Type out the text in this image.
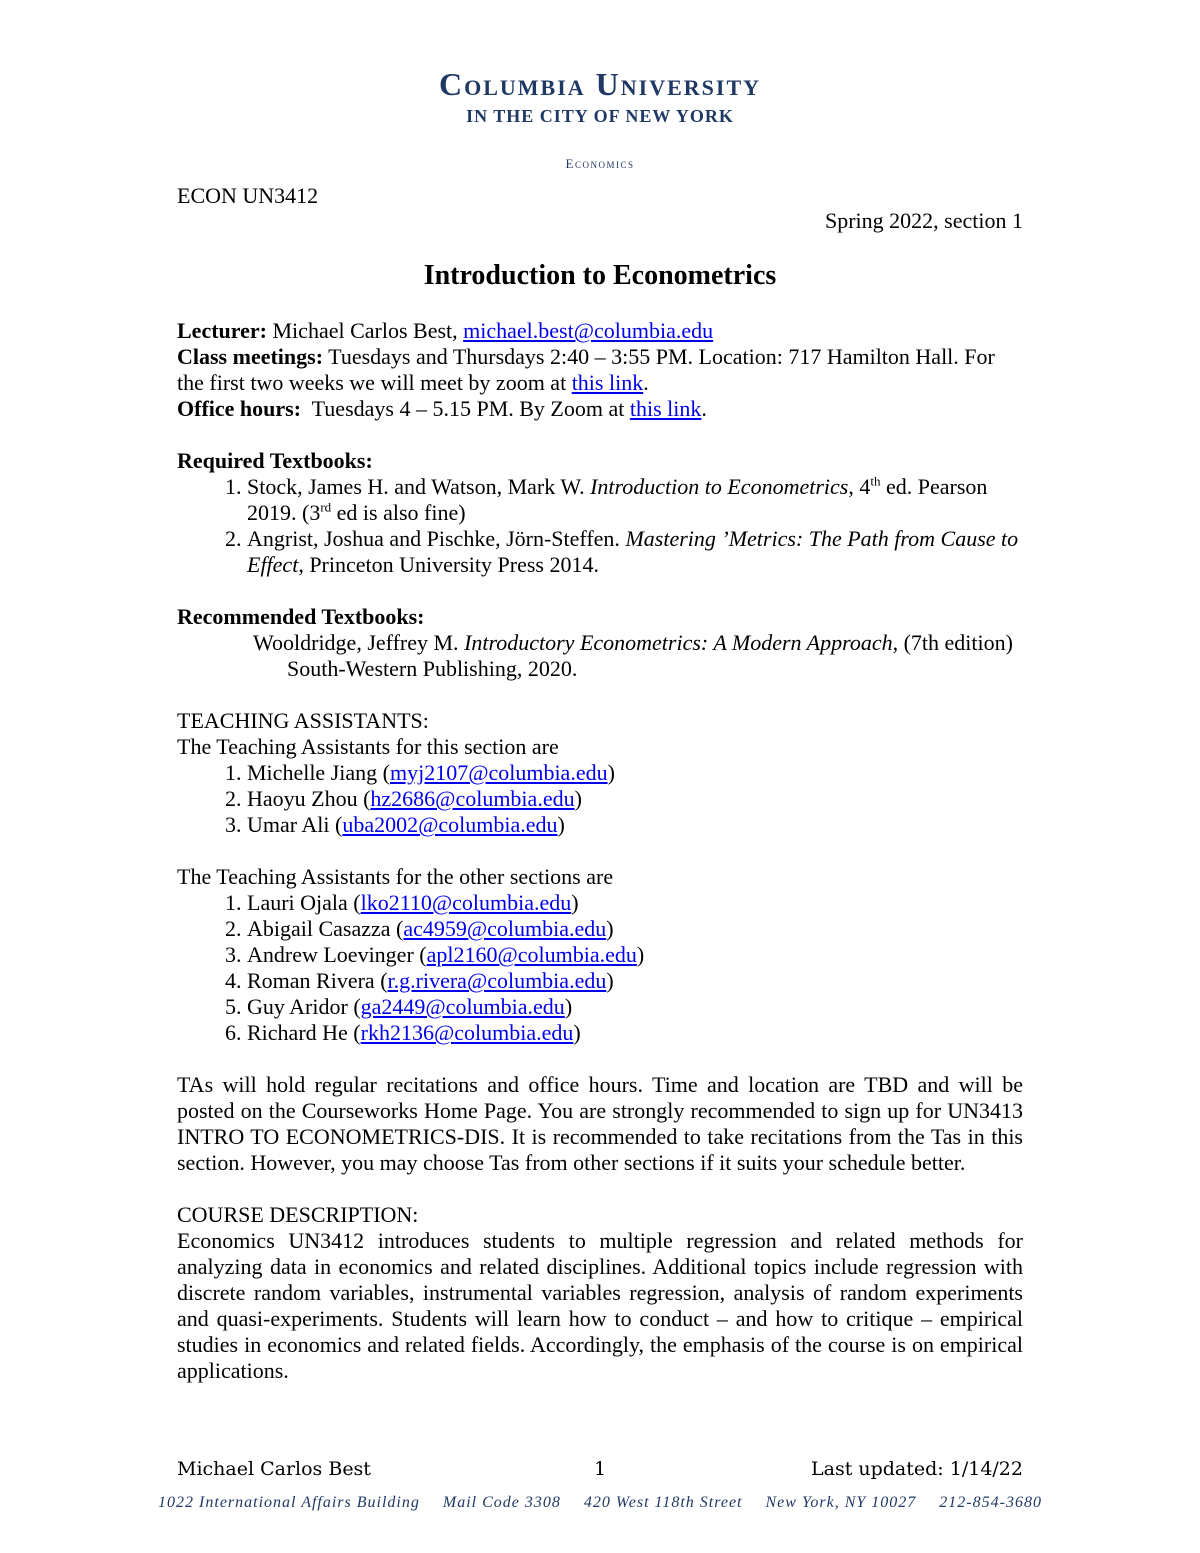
Columbia University
IN THE CITY OF NEW YORK
Economics
ECON UN3412
Spring 2022, section 1
Introduction to Econometrics

Lecturer: Michael Carlos Best, michael.best@columbia.edu

Class meetings: Tuesdays and Thursdays 2:40 – 3:55 PM. Location: 717 Hamilton Hall. For the first two weeks we will meet by zoom at this link.

Office hours: Tuesdays 4 – 5.15 PM. By Zoom at this link.

Required Textbooks:

1. Stock, James H. and Watson, Mark W. Introduction to Econometrics, 4th ed. Pearson 2019. (3rd ed is also fine)
2. Angrist, Joshua and Pischke, Jörn-Steffen. Mastering ’Metrics: The Path from Cause to Effect, Princeton University Press 2014.

Recommended Textbooks:

Wooldridge, Jeffrey M. Introductory Econometrics: A Modern Approach, (7th edition) South-Western Publishing, 2020.

TEACHING ASSISTANTS:

The Teaching Assistants for this section are

1. Michelle Jiang (myj2107@columbia.edu)
2. Haoyu Zhou (hz2686@columbia.edu)
3. Umar Ali (uba2002@columbia.edu)

The Teaching Assistants for the other sections are

1. Lauri Ojala (lko2110@columbia.edu)
2. Abigail Casazza (ac4959@columbia.edu)
3. Andrew Loevinger (apl2160@columbia.edu)
4. Roman Rivera (r.g.rivera@columbia.edu)
5. Guy Aridor (ga2449@columbia.edu)
6. Richard He (rkh2136@columbia.edu)

TAs will hold regular recitations and office hours. Time and location are TBD and will be posted on the Courseworks Home Page. You are strongly recommended to sign up for UN3413 INTRO TO ECONOMETRICS-DIS. It is recommended to take recitations from the Tas in this section. However, you may choose Tas from other sections if it suits your schedule better.

COURSE DESCRIPTION:

Economics UN3412 introduces students to multiple regression and related methods for analyzing data in economics and related disciplines. Additional topics include regression with discrete random variables, instrumental variables regression, analysis of random experiments and quasi-experiments. Students will learn how to conduct – and how to critique – empirical studies in economics and related fields. Accordingly, the emphasis of the course is on empirical applications.

Michael Carlos Best	1	Last updated: 1/14/22
1022 International Affairs Building Mail Code 3308 420 West 118th Street New York, NY 10027 212-854-3680
